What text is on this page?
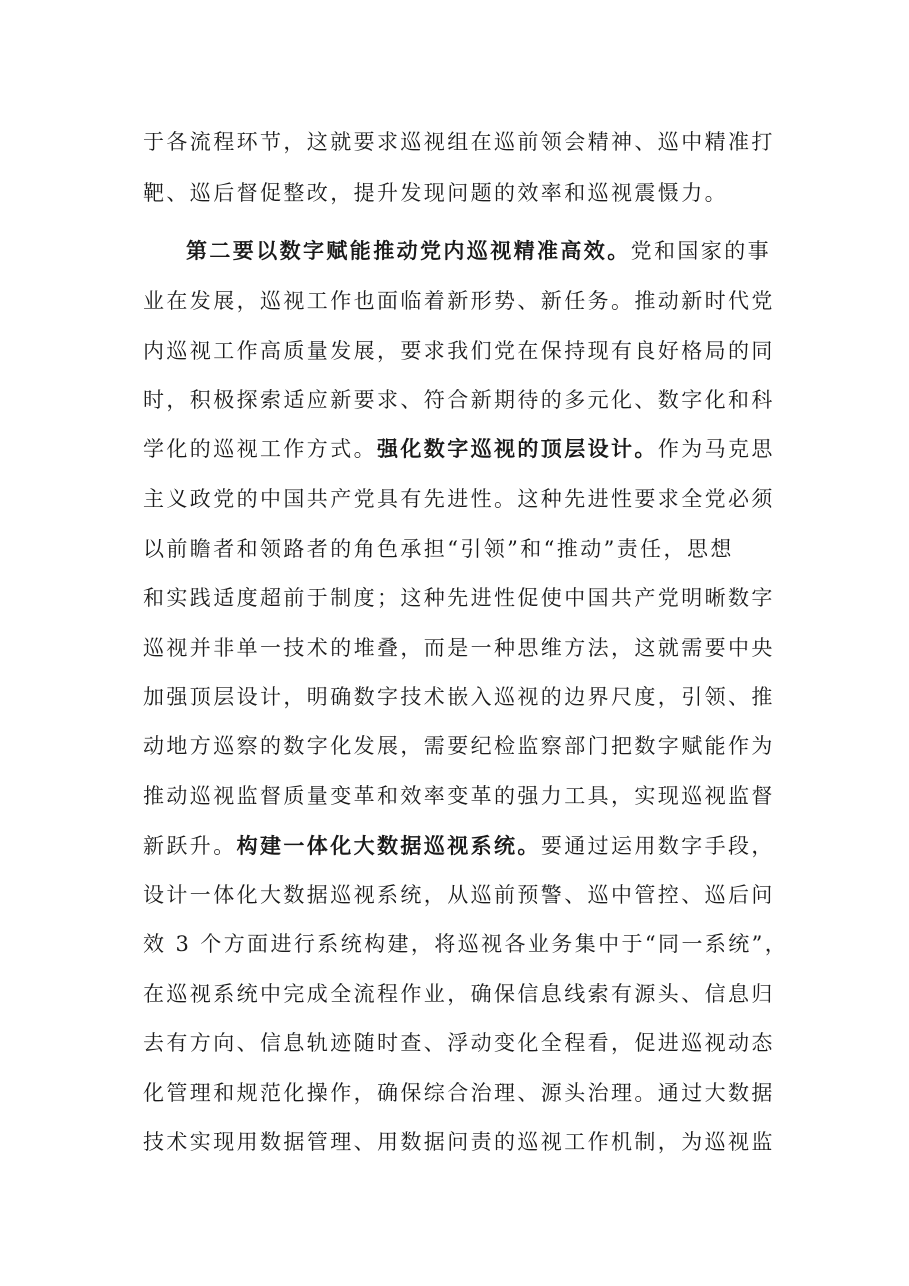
于各流程环节，这就要求巡视组在巡前领会精神、巡中精准打
靶、巡后督促整改，提升发现问题的效率和巡视震慑力。
第二要以数字赋能推动党内巡视精准高效。党和国家的事
业在发展，巡视工作也面临着新形势、新任务。推动新时代党
内巡视工作高质量发展，要求我们党在保持现有良好格局的同
时，积极探索适应新要求、符合新期待的多元化、数字化和科
学化的巡视工作方式。强化数字巡视的顶层设计。作为马克思
主义政党的中国共产党具有先进性。这种先进性要求全党必须
以前瞻者和领路者的角色承担“引领”和“推动”责任，思想
和实践适度超前于制度；这种先进性促使中国共产党明晰数字
巡视并非单一技术的堆叠，而是一种思维方法，这就需要中央
加强顶层设计，明确数字技术嵌入巡视的边界尺度，引领、推
动地方巡察的数字化发展，需要纪检监察部门把数字赋能作为
推动巡视监督质量变革和效率变革的强力工具，实现巡视监督
新跃升。构建一体化大数据巡视系统。要通过运用数字手段，
设计一体化大数据巡视系统，从巡前预警、巡中管控、巡后问
效 3 个方面进行系统构建，将巡视各业务集中于“同一系统”，
在巡视系统中完成全流程作业，确保信息线索有源头、信息归
去有方向、信息轨迹随时查、浮动变化全程看，促进巡视动态
化管理和规范化操作，确保综合治理、源头治理。通过大数据
技术实现用数据管理、用数据问责的巡视工作机制，为巡视监
